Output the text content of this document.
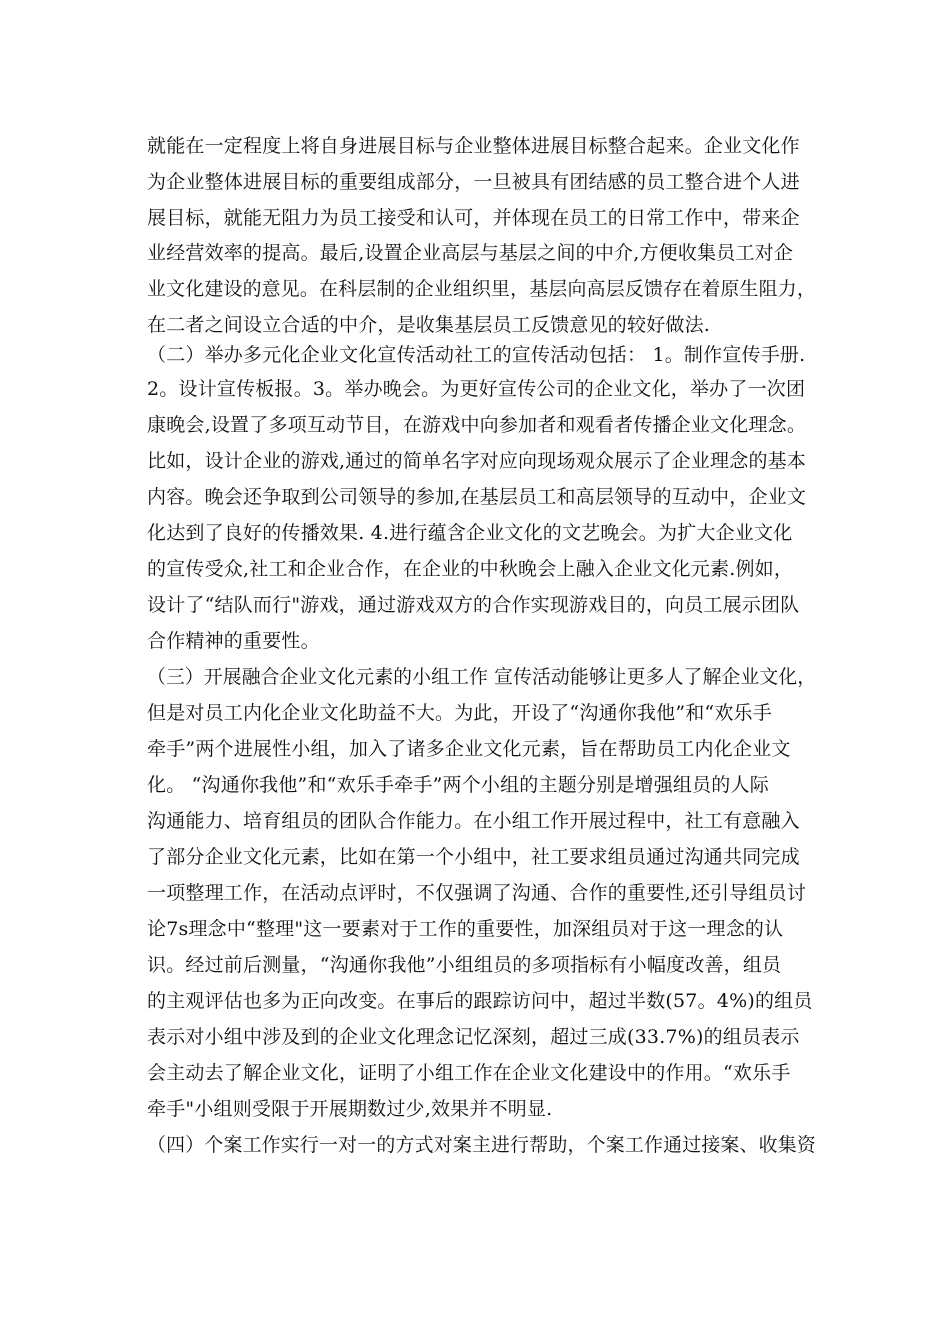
就能在一定程度上将自身进展目标与企业整体进展目标整合起来。企业文化作
为企业整体进展目标的重要组成部分，一旦被具有团结感的员工整合进个人进
展目标，就能无阻力为员工接受和认可，并体现在员工的日常工作中，带来企
业经营效率的提高。最后,设置企业高层与基层之间的中介,方便收集员工对企
业文化建设的意见。在科层制的企业组织里，基层向高层反馈存在着原生阻力，
在二者之间设立合适的中介，是收集基层员工反馈意见的较好做法.
（二）举办多元化企业文化宣传活动社工的宣传活动包括： 1。制作宣传手册.
2。设计宣传板报。3。举办晚会。为更好宣传公司的企业文化，举办了一次团
康晚会,设置了多项互动节目，在游戏中向参加者和观看者传播企业文化理念。
比如，设计企业的游戏,通过的简单名字对应向现场观众展示了企业理念的基本
内容。晚会还争取到公司领导的参加,在基层员工和高层领导的互动中，企业文
化达到了良好的传播效果. 4.进行蕴含企业文化的文艺晚会。为扩大企业文化
的宣传受众,社工和企业合作，在企业的中秋晚会上融入企业文化元素.例如，
设计了“结队而行"游戏，通过游戏双方的合作实现游戏目的，向员工展示团队
合作精神的重要性。
（三）开展融合企业文化元素的小组工作 宣传活动能够让更多人了解企业文化，
但是对员工内化企业文化助益不大。为此，开设了“沟通你我他”和“欢乐手
牵手”两个进展性小组，加入了诸多企业文化元素，旨在帮助员工内化企业文
化。 “沟通你我他”和“欢乐手牵手”两个小组的主题分别是增强组员的人际
沟通能力、培育组员的团队合作能力。在小组工作开展过程中，社工有意融入
了部分企业文化元素，比如在第一个小组中，社工要求组员通过沟通共同完成
一项整理工作，在活动点评时，不仅强调了沟通、合作的重要性,还引导组员讨
论7s理念中“整理"这一要素对于工作的重要性，加深组员对于这一理念的认
识。经过前后测量，“沟通你我他”小组组员的多项指标有小幅度改善，组员
的主观评估也多为正向改变。在事后的跟踪访问中，超过半数(57。4%)的组员
表示对小组中涉及到的企业文化理念记忆深刻，超过三成(33.7%)的组员表示
会主动去了解企业文化，证明了小组工作在企业文化建设中的作用。“欢乐手
牵手"小组则受限于开展期数过少,效果并不明显.
（四）个案工作实行一对一的方式对案主进行帮助，个案工作通过接案、收集资
